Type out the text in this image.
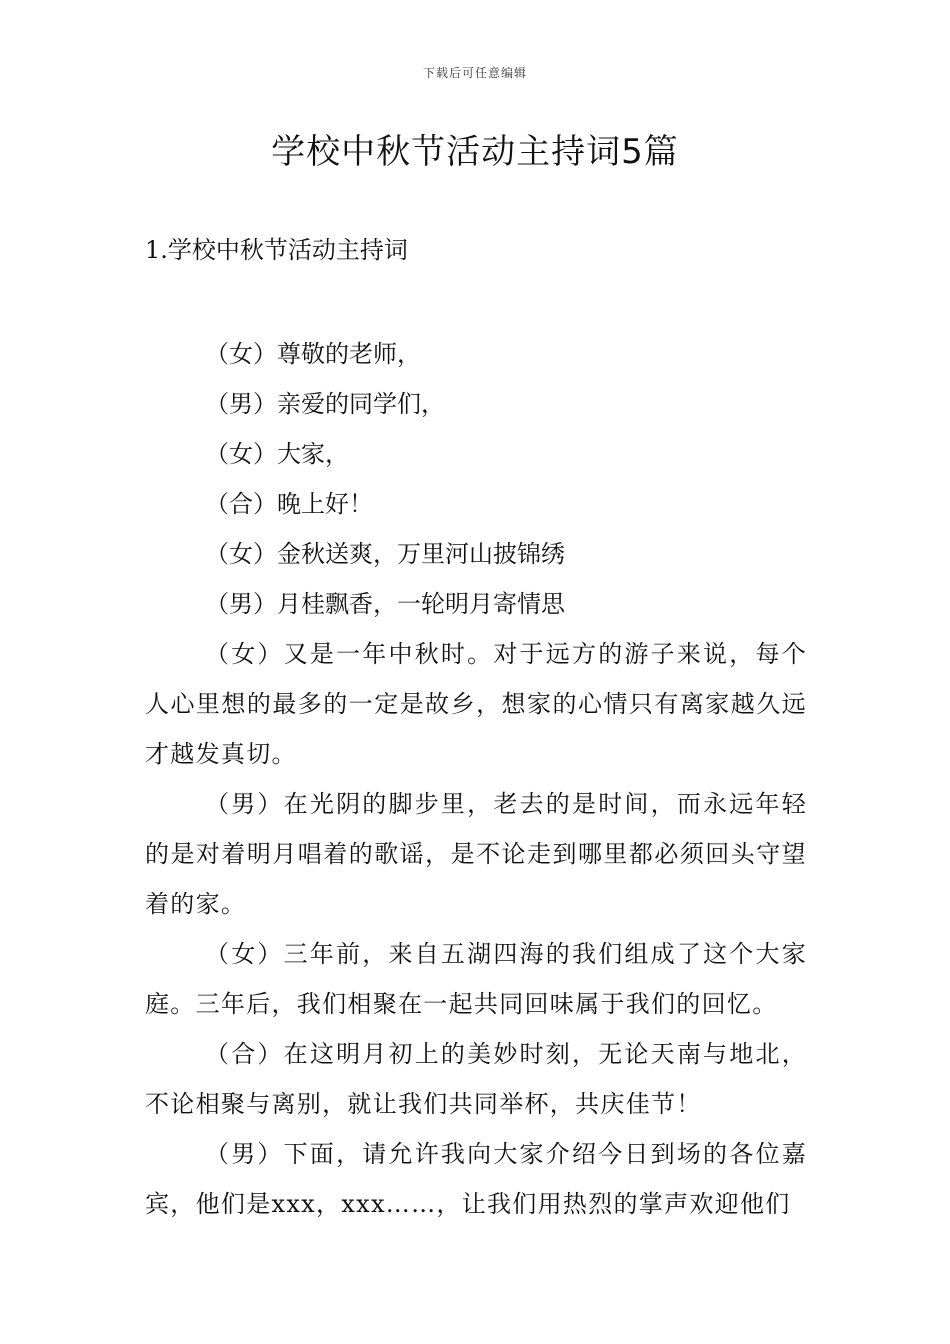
下载后可任意编辑
学校中秋节活动主持词5篇
1.学校中秋节活动主持词
（女）尊敬的老师，
（男）亲爱的同学们，
（女）大家，
（合）晚上好！
（女）金秋送爽，万里河山披锦绣
（男）月桂飘香，一轮明月寄情思

（女）又是一年中秋时。对于远方的游子来说，每个人心里想的最多的一定是故乡，想家的心情只有离家越久远才越发真切。

（男）在光阴的脚步里，老去的是时间，而永远年轻的是对着明月唱着的歌谣，是不论走到哪里都必须回头守望着的家。

（女）三年前，来自五湖四海的我们组成了这个大家庭。三年后，我们相聚在一起共同回味属于我们的回忆。

（合）在这明月初上的美妙时刻，无论天南与地北，不论相聚与离别，就让我们共同举杯，共庆佳节！

（男）下面，请允许我向大家介绍今日到场的各位嘉宾，他们是xxx，xxx……，让我们用热烈的掌声欢迎他们
